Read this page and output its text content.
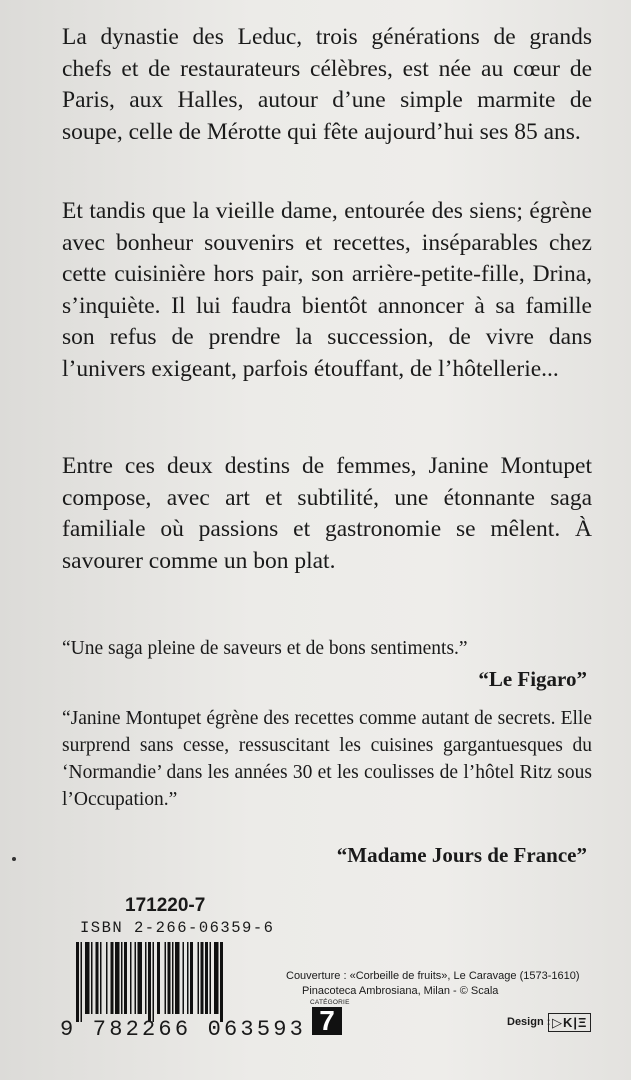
La dynastie des Leduc, trois générations de grands chefs et de restaurateurs célèbres, est née au cœur de Paris, aux Halles, autour d’une simple marmite de soupe, celle de Mérotte qui fête aujourd’hui ses 85 ans.

Et tandis que la vieille dame, entourée des siens; égrène avec bonheur souvenirs et recettes, inséparables chez cette cuisinière hors pair, son arrière-petite-fille, Drina, s’inquiète. Il lui faudra bientôt annoncer à sa famille son refus de prendre la succession, de vivre dans l’univers exigeant, parfois étouffant, de l’hôtellerie...

Entre ces deux destins de femmes, Janine Montupet compose, avec art et subtilité, une étonnante saga familiale où passions et gastronomie se mêlent. À savourer comme un bon plat.

“Une saga pleine de saveurs et de bons sentiments.”

“Le Figaro”

“Janine Montupet égrène des recettes comme autant de secrets. Elle surprend sans cesse, ressuscitant les cuisines gargantuesques du ‘Normandie’ dans les années 30 et les coulisses de l’hôtel Ritz sous l’Occupation.”

“Madame Jours de France”
171220-7
ISBN 2-266-06359-6
9 782266 063593
Couverture : «Corbeille de fruits», Le Caravage (1573-1610)
Pinacoteca Ambrosiana, Milan - © Scala
CATÉGORIE
7	Design : ▷K|Ξ
